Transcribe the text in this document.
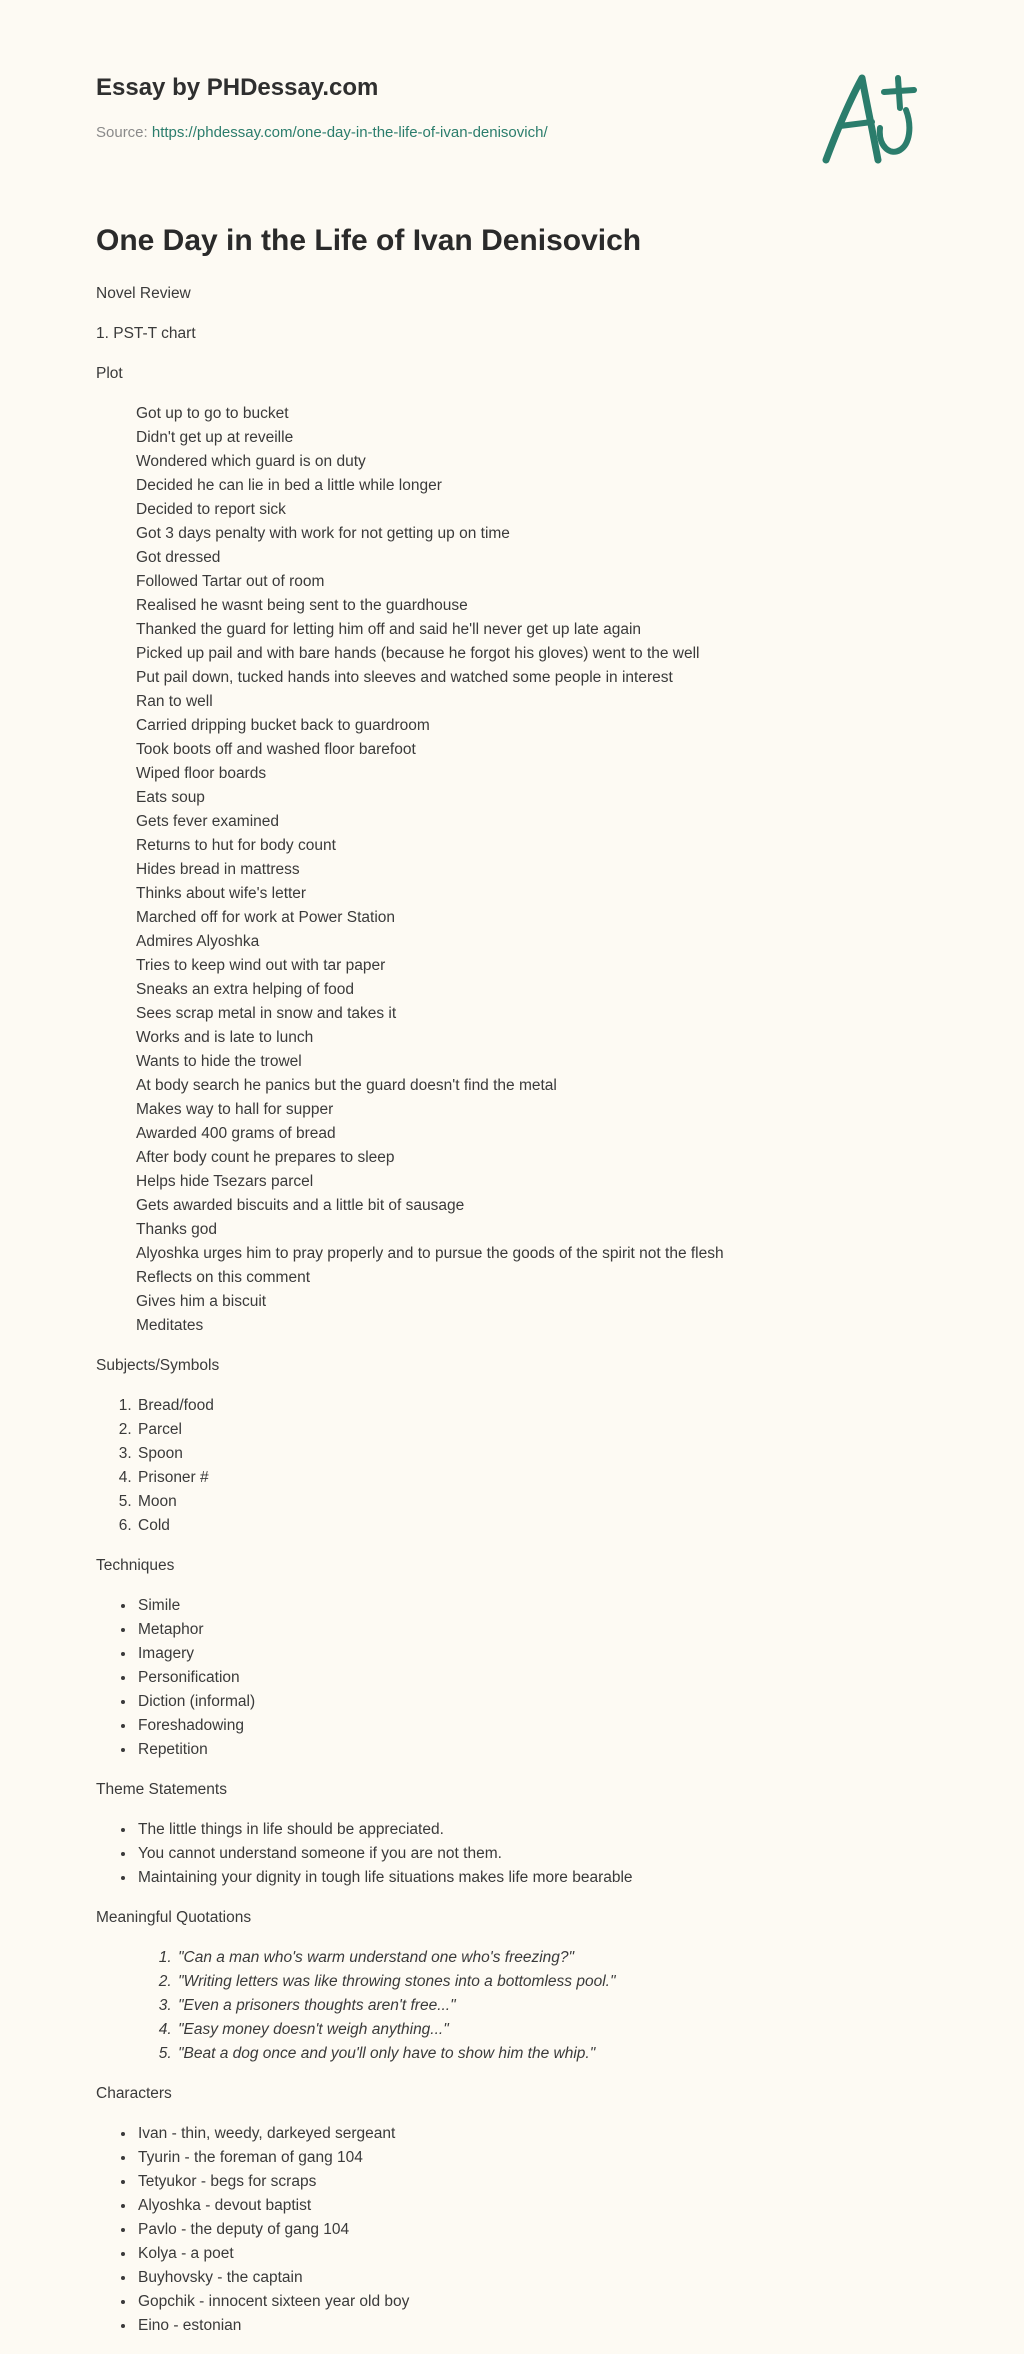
Essay by PHDessay.com
Source: https://phdessay.com/one-day-in-the-life-of-ivan-denisovich/
One Day in the Life of Ivan Denisovich

Novel Review

1. PST-T chart

Plot

Got up to go to bucket
Didn't get up at reveille
Wondered which guard is on duty
Decided he can lie in bed a little while longer
Decided to report sick
Got 3 days penalty with work for not getting up on time
Got dressed
Followed Tartar out of room
Realised he wasnt being sent to the guardhouse
Thanked the guard for letting him off and said he'll never get up late again
Picked up pail and with bare hands (because he forgot his gloves) went to the well
Put pail down, tucked hands into sleeves and watched some people in interest
Ran to well
Carried dripping bucket back to guardroom
Took boots off and washed floor barefoot
Wiped floor boards
Eats soup
Gets fever examined
Returns to hut for body count
Hides bread in mattress
Thinks about wife's letter
Marched off for work at Power Station
Admires Alyoshka
Tries to keep wind out with tar paper
Sneaks an extra helping of food
Sees scrap metal in snow and takes it
Works and is late to lunch
Wants to hide the trowel
At body search he panics but the guard doesn't find the metal
Makes way to hall for supper
Awarded 400 grams of bread
After body count he prepares to sleep
Helps hide Tsezars parcel
Gets awarded biscuits and a little bit of sausage
Thanks god
Alyoshka urges him to pray properly and to pursue the goods of the spirit not the flesh
Reflects on this comment
Gives him a biscuit
Meditates

Subjects/Symbols

1. Bread/food
2. Parcel
3. Spoon
4. Prisoner #
5. Moon
6. Cold

Techniques

• Simile
• Metaphor
• Imagery
• Personification
• Diction (informal)
• Foreshadowing
• Repetition

Theme Statements

• The little things in life should be appreciated.
• You cannot understand someone if you are not them.
• Maintaining your dignity in tough life situations makes life more bearable

Meaningful Quotations

1. "Can a man who's warm understand one who's freezing?"
2. "Writing letters was like throwing stones into a bottomless pool."
3. "Even a prisoners thoughts aren't free..."
4. "Easy money doesn't weigh anything..."
5. "Beat a dog once and you'll only have to show him the whip."

Characters

• Ivan - thin, weedy, darkeyed sergeant
• Tyurin - the foreman of gang 104
• Tetyukor - begs for scraps
• Alyoshka - devout baptist
• Pavlo - the deputy of gang 104
• Kolya - a poet
• Buyhovsky - the captain
• Gopchik - innocent sixteen year old boy
• Eino - estonian
